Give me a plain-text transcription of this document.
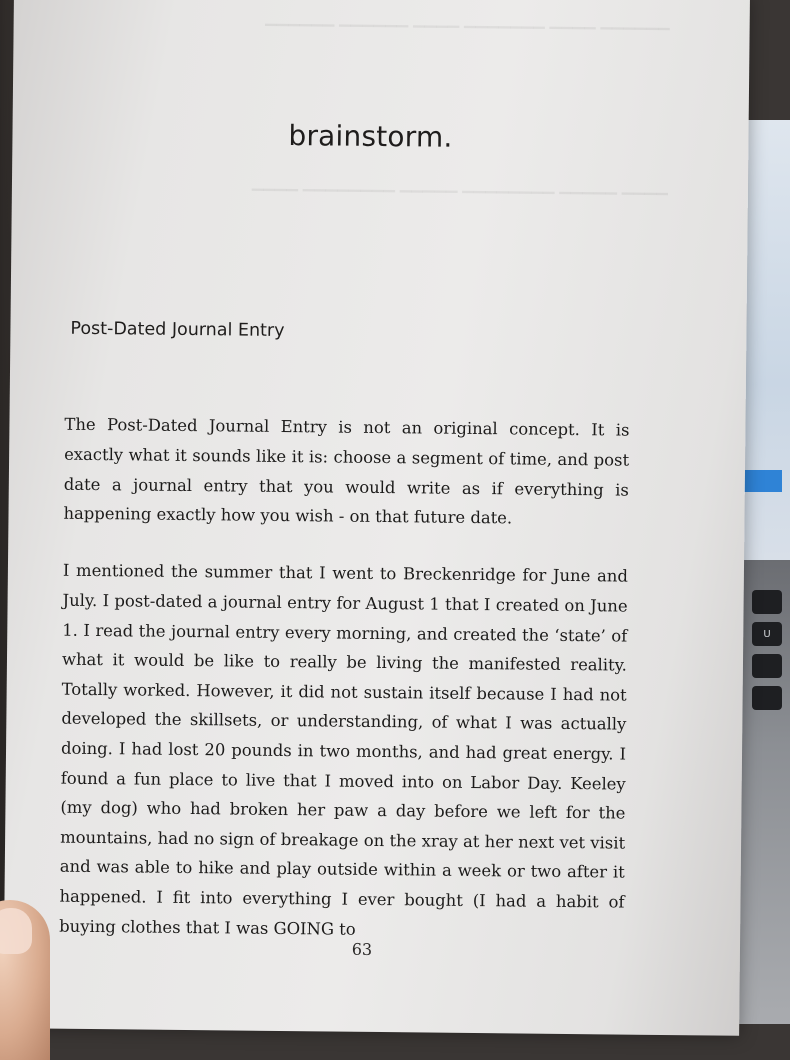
U
▔▔▔▔▔▔ ▔▔▔▔ ▔▔▔▔▔▔▔ ▔▔▔▔ ▔▔▔▔▔▔ ▔▔▔▔▔▔
▔▔▔▔ ▔▔▔▔▔ ▔▔▔▔▔▔▔▔ ▔▔▔▔▔ ▔▔▔▔▔▔▔▔ ▔▔▔▔
brainstorm.
Post-Dated Journal Entry

The Post-Dated Journal Entry is not an original concept. It is exactly what it sounds like it is: choose a segment of time, and post date a journal entry that you would write as if everything is happening exactly how you wish - on that future date.

I mentioned the summer that I went to Breckenridge for June and July. I post-dated a journal entry for August 1 that I created on June 1. I read the journal entry every morning, and created the ‘state’ of what it would be like to really be living the manifested reality. Totally worked. However, it did not sustain itself because I had not developed the skillsets, or understanding, of what I was actually doing. I had lost 20 pounds in two months, and had great energy. I found a fun place to live that I moved into on Labor Day. Keeley (my dog) who had broken her paw a day before we left for the mountains, had no sign of breakage on the xray at her next vet visit and was able to hike and play outside within a week or two after it happened. I fit into everything I ever bought (I had a habit of buying clothes that I was GOING to

63
